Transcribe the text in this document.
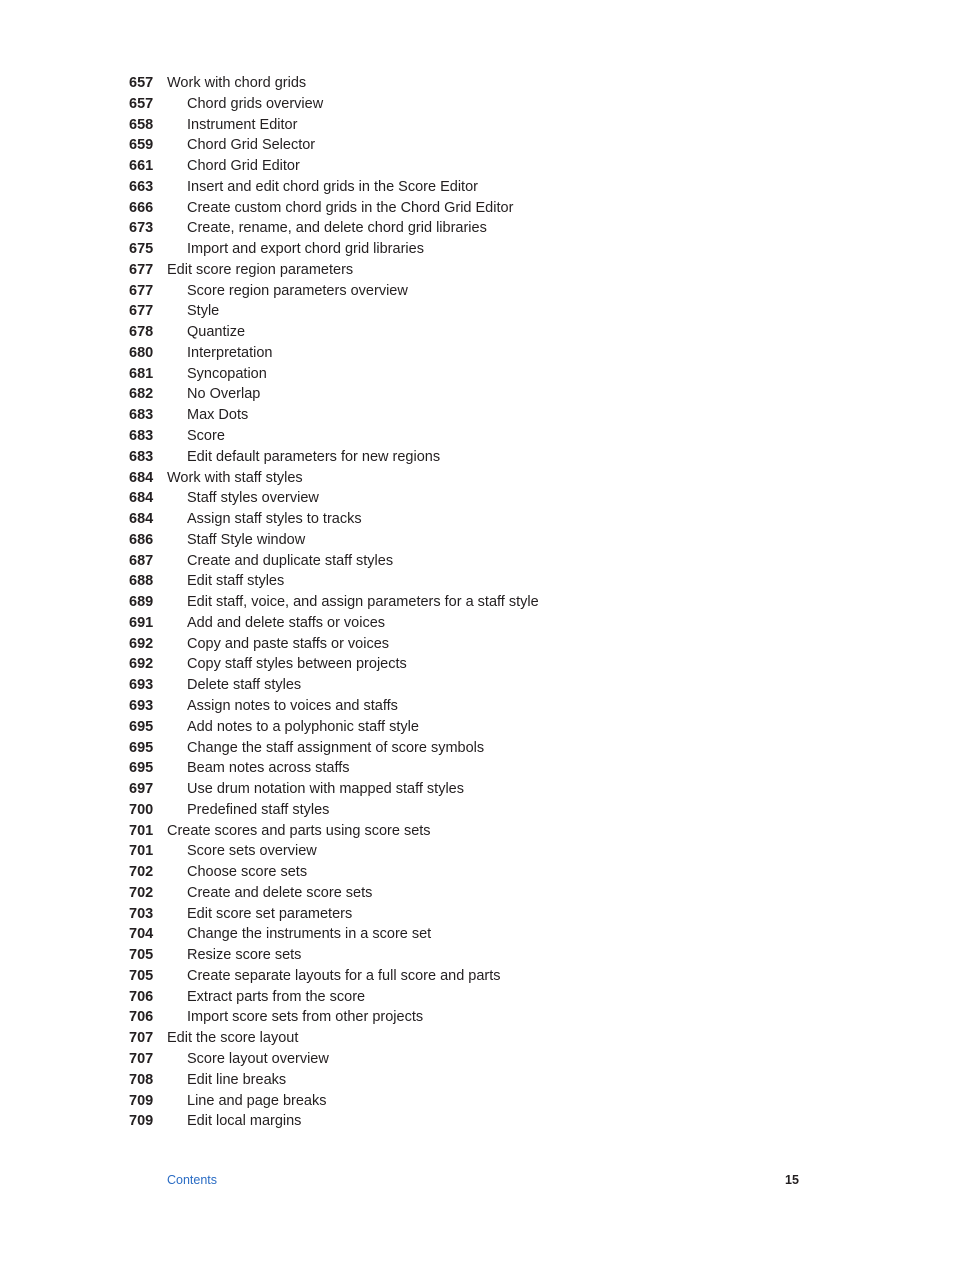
657 Work with chord grids
657	Chord grids overview
658	Instrument Editor
659	Chord Grid Selector
661	Chord Grid Editor
663	Insert and edit chord grids in the Score Editor
666	Create custom chord grids in the Chord Grid Editor
673	Create, rename, and delete chord grid libraries
675	Import and export chord grid libraries
677 Edit score region parameters
677	Score region parameters overview
677	Style
678	Quantize
680	Interpretation
681	Syncopation
682	No Overlap
683	Max Dots
683	Score
683	Edit default parameters for new regions
684 Work with staff styles
684	Staff styles overview
684	Assign staff styles to tracks
686	Staff Style window
687	Create and duplicate staff styles
688	Edit staff styles
689	Edit staff, voice, and assign parameters for a staff style
691	Add and delete staffs or voices
692	Copy and paste staffs or voices
692	Copy staff styles between projects
693	Delete staff styles
693	Assign notes to voices and staffs
695	Add notes to a polyphonic staff style
695	Change the staff assignment of score symbols
695	Beam notes across staffs
697	Use drum notation with mapped staff styles
700	Predefined staff styles
701 Create scores and parts using score sets
701	Score sets overview
702	Choose score sets
702	Create and delete score sets
703	Edit score set parameters
704	Change the instruments in a score set
705	Resize score sets
705	Create separate layouts for a full score and parts
706	Extract parts from the score
706	Import score sets from other projects
707 Edit the score layout
707	Score layout overview
708	Edit line breaks
709	Line and page breaks
709	Edit local margins
Contents	15
